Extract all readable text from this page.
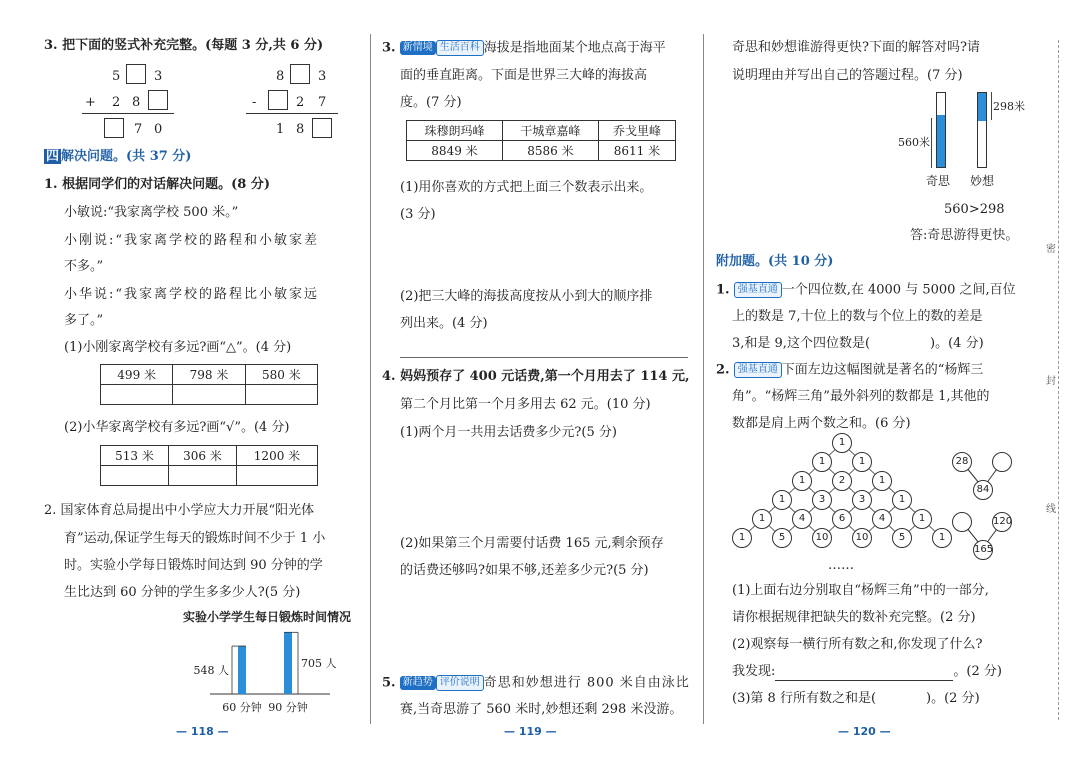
3. 把下面的竖式补充完整。(每题 3 分,共 6 分)
5	3
+ 2 8
7 0
8	3
-	2 7
1 8
四 解决问题。(共 37 分)
1. 根据同学们的对话解决问题。(8 分)
小敏说:“我家离学校 500 米。”
小刚说:“我家离学校的路程和小敏家差
不多。”
小华说:“我家离学校的路程比小敏家远
多了。”
(1)小刚家离学校有多远?画“△”。(4 分)
499 米	798 米	580 米

(2)小华家离学校有多远?画“√”。(4 分)
513 米	306 米	1200 米

2. 国家体育总局提出中小学应大力开展“阳光体
育”运动,保证学生每天的锻炼时间不少于 1 小
时。实验小学每日锻炼时间达到 90 分钟的学
生比达到 60 分钟的学生多多少人?(5 分)
实验小学学生每日锻炼时间情况
548 人
60 分钟
705 人
90 分钟
— 118 —
3. 新情境 生活百科 海拔是指地面某个地点高于海平
面的垂直距离。下面是世界三大峰的海拔高
度。(7 分)
珠穆朗玛峰	干城章嘉峰	乔戈里峰
8849 米	8586 米	8611 米
(1)用你喜欢的方式把上面三个数表示出来。
(3 分)
(2)把三大峰的海拔高度按从小到大的顺序排
列出来。(4 分)
4. 妈妈预存了 400 元话费,第一个月用去了 114 元,
第二个月比第一个月多用去 62 元。(10 分)
(1)两个月一共用去话费多少元?(5 分)
(2)如果第三个月需要付话费 165 元,剩余预存
的话费还够吗?如果不够,还差多少元?(5 分)
5. 新趋势 评价说明 奇思和妙想进行 800 米自由泳比
赛,当奇思游了 560 米时,妙想还剩 298 米没游。
— 119 —
奇思和妙想谁游得更快?下面的解答对吗?请
说明理由并写出自己的答题过程。(7 分)
560米
298米
奇思 妙想
560>298
答:奇思游得更快。
附加题。(共 10 分)
1. 强基直通 一个四位数,在 4000 与 5000 之间,百位
上的数是 7,十位上的数与个位上的数的差是
3,和是 9,这个四位数是(	)。(4 分)
2. 强基直通 下面左边这幅图就是著名的“杨辉三
角”。“杨辉三角”最外斜列的数都是 1,其他的
数都是肩上两个数之和。(6 分)
1
1	1
1	2	1
1	3	3	1
1	4	6	4	1
1	5	10	10	5	1
……
28
84
120
165
(1)上面右边分别取自“杨辉三角”中的一部分,
请你根据规律把缺失的数补充完整。(2 分)
(2)观察每一横行所有数之和,你发现了什么?
我发现:	。(2 分)
(3)第 8 行所有数之和是(	)。(2 分)
— 120 —
密
封
线
